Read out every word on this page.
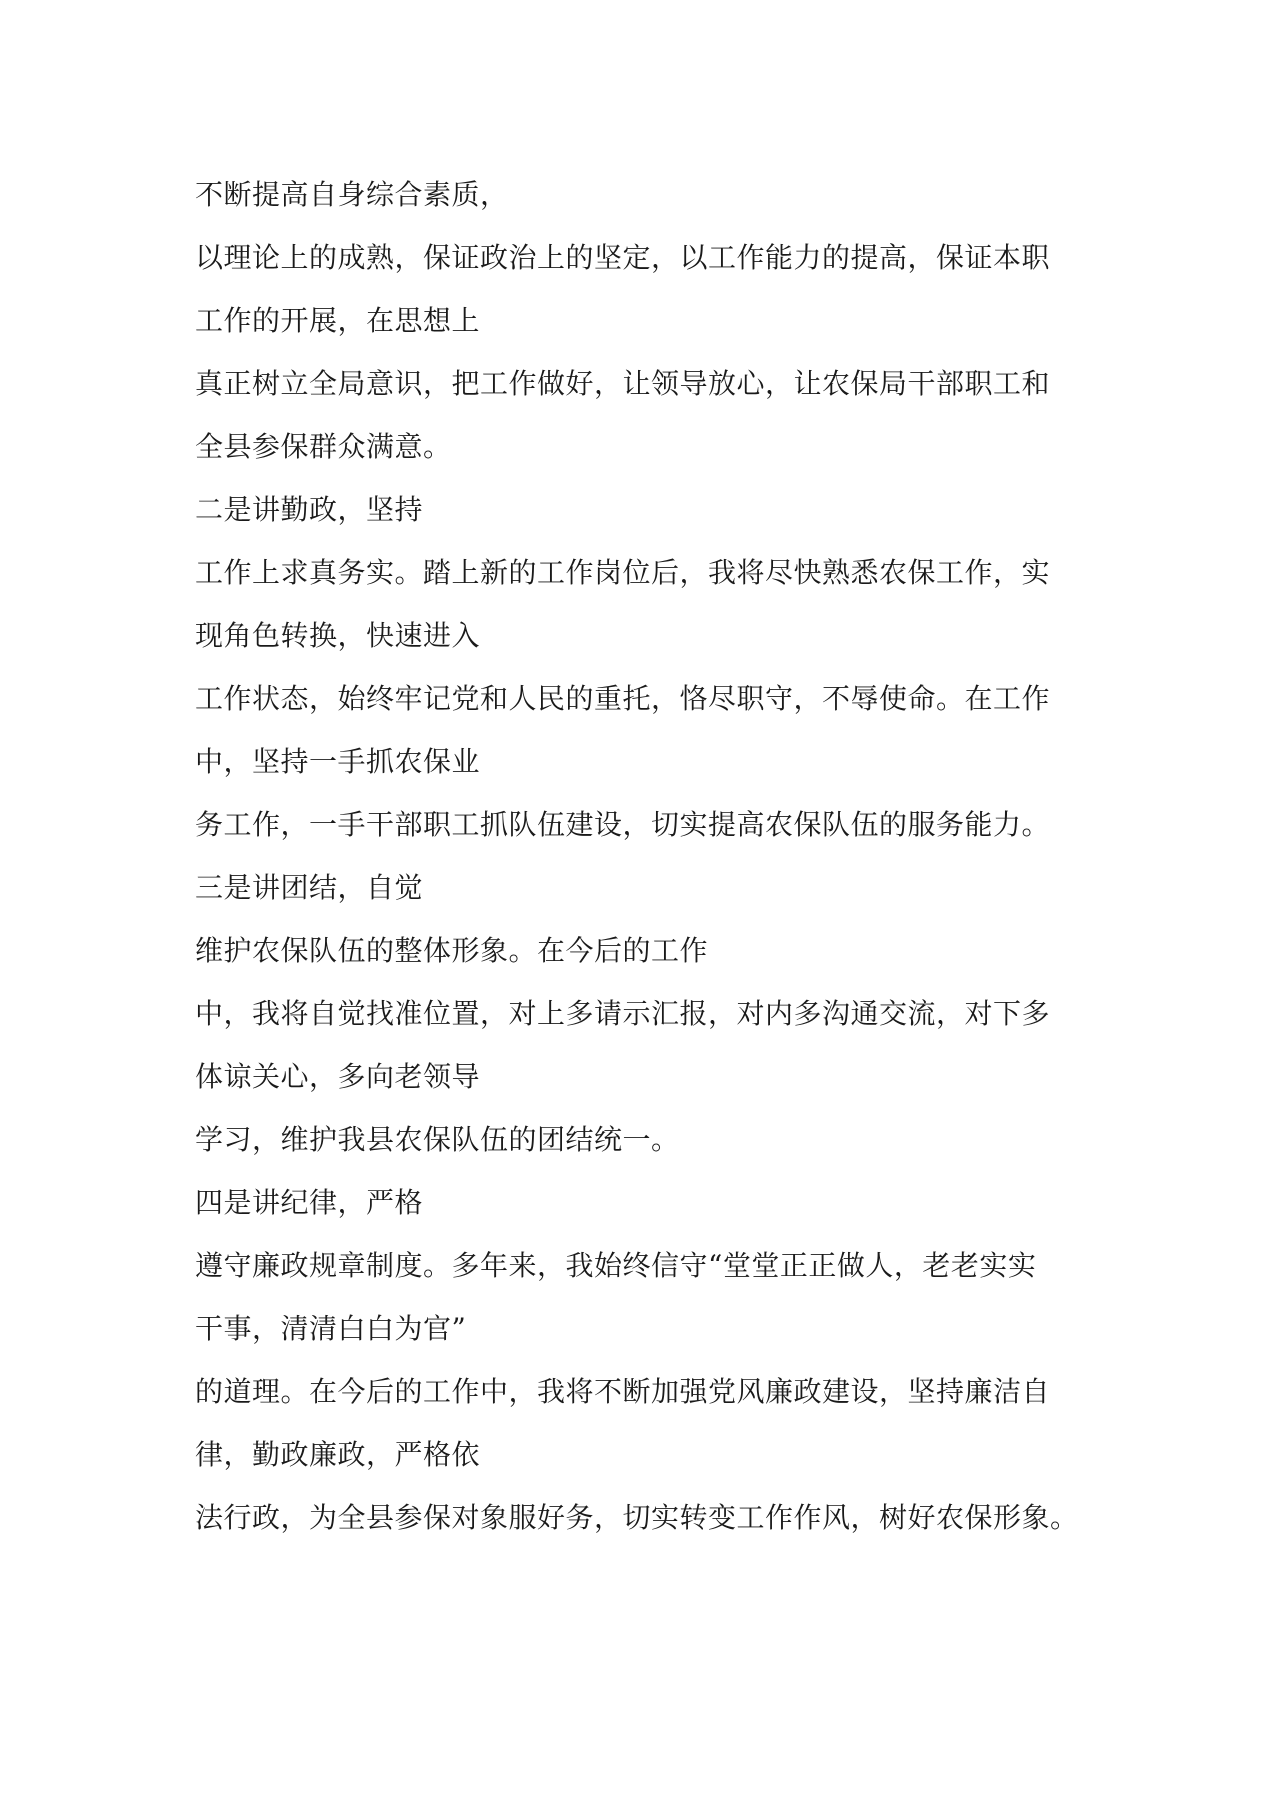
不断提高自身综合素质，
以理论上的成熟，保证政治上的坚定，以工作能力的提高，保证本职
工作的开展，在思想上
真正树立全局意识，把工作做好，让领导放心，让农保局干部职工和
全县参保群众满意。
二是讲勤政，坚持
工作上求真务实。踏上新的工作岗位后，我将尽快熟悉农保工作，实
现角色转换，快速进入
工作状态，始终牢记党和人民的重托，恪尽职守，不辱使命。在工作
中，坚持一手抓农保业
务工作，一手干部职工抓队伍建设，切实提高农保队伍的服务能力。
三是讲团结，自觉
维护农保队伍的整体形象。在今后的工作
中，我将自觉找准位置，对上多请示汇报，对内多沟通交流，对下多
体谅关心，多向老领导
学习，维护我县农保队伍的团结统一。
四是讲纪律，严格
遵守廉政规章制度。多年来，我始终信守“堂堂正正做人，老老实实
干事，清清白白为官”
的道理。在今后的工作中，我将不断加强党风廉政建设，坚持廉洁自
律，勤政廉政，严格依
法行政，为全县参保对象服好务，切实转变工作作风，树好农保形象。
